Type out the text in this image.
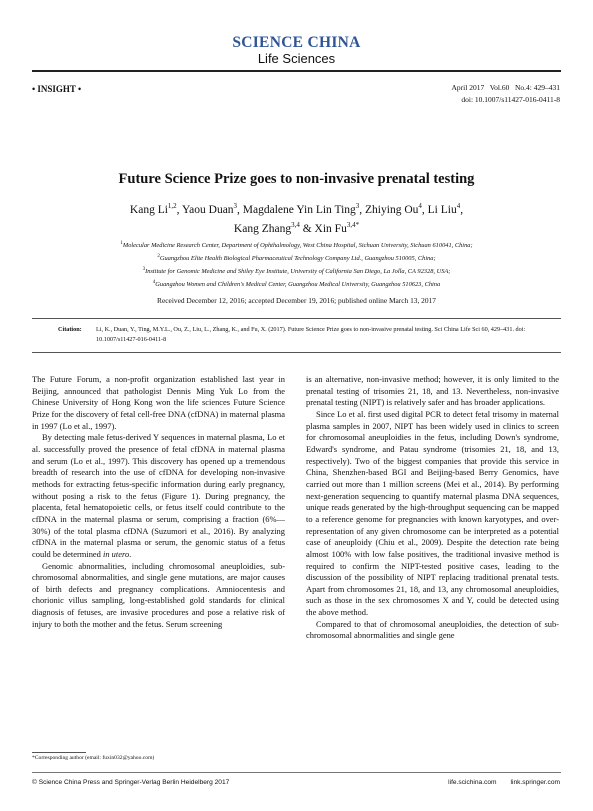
SCIENCE CHINA
Life Sciences
• INSIGHT •	April 2017   Vol.60   No.4: 429–431
doi: 10.1007/s11427-016-0411-8
Future Science Prize goes to non-invasive prenatal testing
Kang Li$^{1,2}$, Yaou Duan$^3$, Magdalene Yin Lin Ting$^3$, Zhiying Ou$^4$, Li Liu$^4$,
Kang Zhang$^{3,4}$ & Xin $Fu^{3,4*}$
$^1$Molecular Medicine Research Center, Department of Ophthalmology, West China Hospital, Sichuan University, Sichuan 610041, China;
$^2$Guangzhou Elite Health Biological Pharmaceutical Technology Company Ltd., Guangzhou 510005, China;
$^3$Institute for Genomic Medicine and Shiley Eye Institute, University of California San Diego, La Jolla, CA 92328, USA;
$^4$Guangzhou Women and Children's Medical Center, Guangzhou Medical University, Guangzhou 510623, China
Received December 12, 2016; accepted December 19, 2016; published online March 13, 2017
Citation: Li, K., Duan, Y., Ting, M.Y.L., Ou, Z., Liu, L., Zhang, K., and Fu, X. (2017). Future Science Prize goes to non-invasive prenatal testing. Sci China Life Sci 60, 429–431. doi: 10.1007/s11427-016-0411-8

The Future Forum, a non-profit organization established last year in Beijing, announced that pathologist Dennis Ming Yuk Lo from the Chinese University of Hong Kong won the life sciences Future Science Prize for the discovery of fetal cell-free DNA (cfDNA) in maternal plasma in 1997 (Lo et al., 1997).

By detecting male fetus-derived Y sequences in maternal plasma, Lo et al. successfully proved the presence of fetal cfDNA in maternal plasma and serum (Lo et al., 1997). This discovery has opened up a tremendous breadth of research into the use of cfDNA for developing non-invasive methods for extracting fetus-specific information during early pregnancy, without posing a risk to the fetus (Figure 1). During pregnancy, the placenta, fetal hematopoietic cells, or fetus itself could contribute to the cfDNA in the maternal plasma or serum, comprising a fraction (6%—30%) of the total plasma cfDNA (Suzumori et al., 2016). By analyzing cfDNA in the maternal plasma or serum, the genomic status of a fetus could be determined in utero.

Genomic abnormalities, including chromosomal aneuploidies, sub-chromosomal abnormalities, and single gene mutations, are major causes of birth defects and pregnancy complications. Amniocentesis and chorionic villus sampling, long-established gold standards for clinical diagnosis of fetuses, are invasive procedures and pose a relative risk of injury to both the mother and the fetus. Serum screening

is an alternative, non-invasive method; however, it is only limited to the prenatal testing of trisomies 21, 18, and 13. Nevertheless, non-invasive prenatal testing (NIPT) is relatively safer and has broader applications.

Since Lo et al. first used digital PCR to detect fetal trisomy in maternal plasma samples in 2007, NIPT has been widely used in clinics to screen for chromosomal aneuploidies in the fetus, including Down's syndrome, Edward's syndrome, and Patau syndrome (trisomies 21, 18, and 13, respectively). Two of the biggest companies that provide this service in China, Shenzhen-based BGI and Beijing-based Berry Genomics, have carried out more than 1 million screens (Mei et al., 2014). By performing next-generation sequencing to quantify maternal plasma DNA sequences, unique reads generated by the high-throughput sequencing can be mapped to a reference genome for pregnancies with known karyotypes, and over-representation of any given chromosome can be interpreted as a potential case of aneuploidy (Chiu et al., 2009). Despite the detection rate being almost 100% with low false positives, the traditional invasive method is required to confirm the NIPT-tested positive cases, leading to the discussion of the possibility of NIPT replacing traditional prenatal tests. Apart from chromosomes 21, 18, and 13, any chromosomal aneuploidies, such as those in the sex chromosomes X and Y, could be detected using the above method.

Compared to that of chromosomal aneuploidies, the detection of sub-chromosomal abnormalities and single gene

*Corresponding author (email: fuxin032@yahoo.com)
© Science China Press and Springer-Verlag Berlin Heidelberg 2017	life.scichina.com link.springer.com
